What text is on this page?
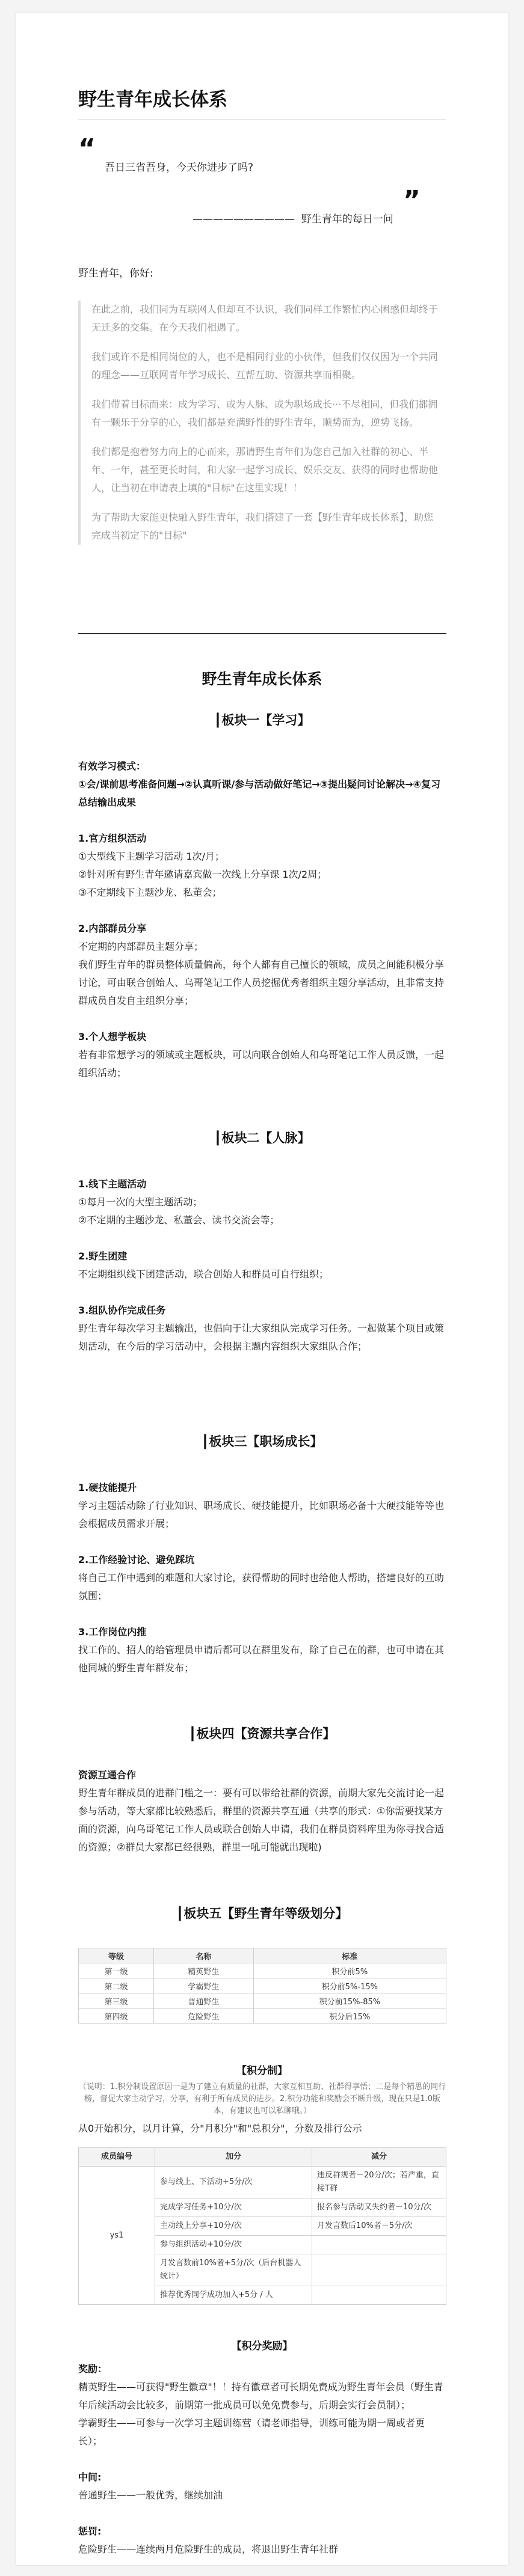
野生青年成长体系
“
吾日三省吾身，今天你进步了吗?
”
——————————  野生青年的每日一问
野生青年，你好:

在此之前，我们同为互联网人但却互不认识，我们同样工作繁忙内心困惑但却终于无迁多的交集。在今天我们相遇了。

我们或许不是相同岗位的人，也不是相同行业的小伙伴，但我们仅仅因为一个共同的理念——互联网青年学习成长、互帮互助、资源共享而相聚。

我们带着目标而来：成为学习、或为人脉、或为职场成长···不尽相同，但我们都拥有一颗乐于分享的心，我们都是充满野性的野生青年，顺势而为，逆势飞扬。

我们都是抱着努力向上的心而来，那请野生青年们为您自己加入社群的初心、半年、一年，甚至更长时间，和大家一起学习成长、娱乐交友、获得的同时也帮助他人，让当初在申请表上填的"目标"在这里实现！！

为了帮助大家能更快融入野生青年，我们搭建了一套【野生青年成长体系】，助您完成当初定下的"目标"

野生青年成长体系
┃板块一【学习】

有效学习模式：

①会/课前思考准备问题→②认真听课/参与活动做好笔记→③提出疑问讨论解决→④复习总结输出成果

1.官方组织活动

①大型线下主题学习活动 1次/月；

②针对所有野生青年邀请嘉宾做一次线上分享课 1次/2周；

③不定期线下主题沙龙、私董会；

2.内部群员分享

不定期的内部群员主题分享；

我们野生青年的群员整体质量偏高，每个人都有自己擅长的领域，成员之间能积极分享讨论，可由联合创始人、乌哥笔记工作人员挖掘优秀者组织主题分享活动，且非常支持群成员自发自主组织分享；

3.个人想学板块

若有非常想学习的领域或主题板块，可以向联合创始人和乌哥笔记工作人员反馈，一起组织活动；

┃板块二【人脉】

1.线下主题活动

①每月一次的大型主题活动；

②不定期的主题沙龙、私董会、读书交流会等；

2.野生团建

不定期组织线下团建活动，联合创始人和群员可自行组织；

3.组队协作完成任务

野生青年每次学习主题输出，也倡向于让大家组队完成学习任务。一起做某个项目或策划活动，在今后的学习活动中，会根据主题内容组织大家组队合作；

┃板块三【职场成长】

1.硬技能提升

学习主题活动除了行业知识、职场成长、硬技能提升，比如职场必备十大硬技能等等也会根据成员需求开展；

2.工作经验讨论、避免踩坑

将自己工作中遇到的难题和大家讨论，获得帮助的同时也给他人帮助，搭建良好的互助氛围；

3.工作岗位内推

找工作的、招人的给管理员申请后都可以在群里发布，除了自己在的群，也可申请在其他同城的野生青年群发布；

┃板块四【资源共享合作】

资源互通合作

野生青年群成员的进群门槛之一：要有可以带给社群的资源，前期大家先交流讨论一起参与活动，等大家都比较熟悉后，群里的资源共享互通（共享的形式：①你需要找某方面的资源，向乌哥笔记工作人员或联合创始人申请，我们在群员资料库里为你寻找合适的资源；②群员大家都已经很熟，群里一吼可能就出现啦)

┃板块五【野生青年等级划分】
等级	名称	标准
第一级	精英野生	积分前5%
第二级	学霸野生	积分前5%-15%
第三级	普通野生	积分前15%-85%
第四级	危险野生	积分后15%
【积分制】
（说明：1.积分制设置原因一是为了建立有质量的社群，大家互相互助、社群得享悟；二是每个精思的同行榜，督促大家主动学习，分享，有利于所有成员的进步。2.积分功能和奖励会不断升级，现在只是1.0版本，有建议也可以私聊哦。）
从0开始积分，以月计算，分"月积分"和"总积分"，分数及排行公示
成员编号	加分	减分
ys1	参与线上、下活动+5分/次	违反群规者－20分/次；若严重，直接T群
	完成学习任务+10分/次	报名参与活动又失约者－10分/次
	主动线上分享+10分/次	月发言数后10%者－5分/次
	参与组织活动+10分/次	
	月发言数前10%者+5分/次（后台机器人统计）	
	推荐优秀同学成功加入+5分 / 人	
【积分奖励】

奖励：

精英野生——可获得"野生徽章"！！持有徽章者可长期免费成为野生青年会员（野生青年后续活动会比较多，前期第一批成员可以免免费参与，后期会实行会员制）；

学霸野生——可参与一次学习主题训练营（请老师指导，训练可能为期一周或者更长）；

中间:

普通野生——一般优秀，继续加油

惩罚:

危险野生——连续两月危险野生的成员，将退出野生青年社群
